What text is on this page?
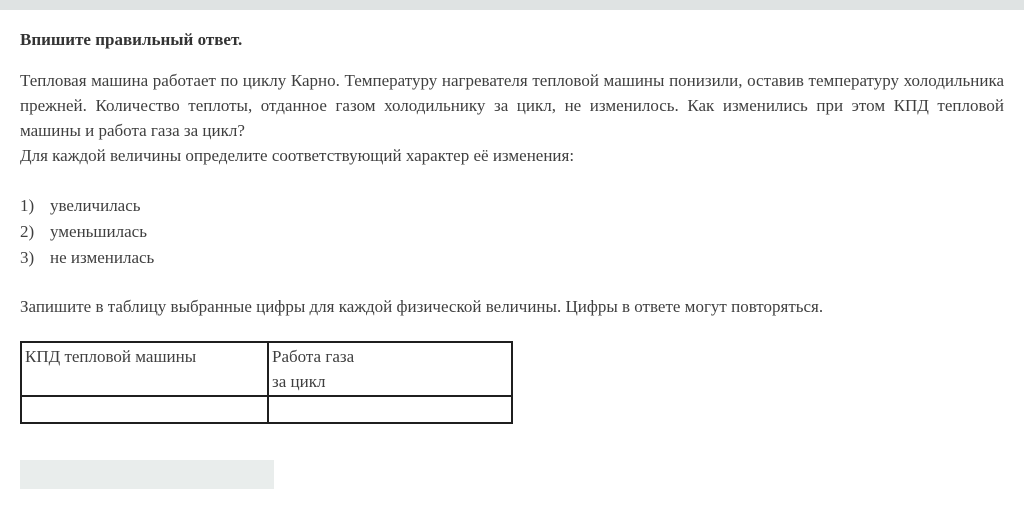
Впишите правильный ответ.

Тепловая машина работает по циклу Карно. Температуру нагревателя тепловой машины понизили, оставив температуру холодильника прежней. Количество теплоты, отданное газом холодильнику за цикл, не изменилось. Как изменились при этом КПД тепловой машины и работа газа за цикл?

Для каждой величины определите соответствующий характер её изменения:
1) увеличилась
2) уменьшилась
3) не изменилась
Запишите в таблицу выбранные цифры для каждой физической величины. Цифры в ответе могут повторяться.
КПД тепловой машины	Работа газа
за цикл
